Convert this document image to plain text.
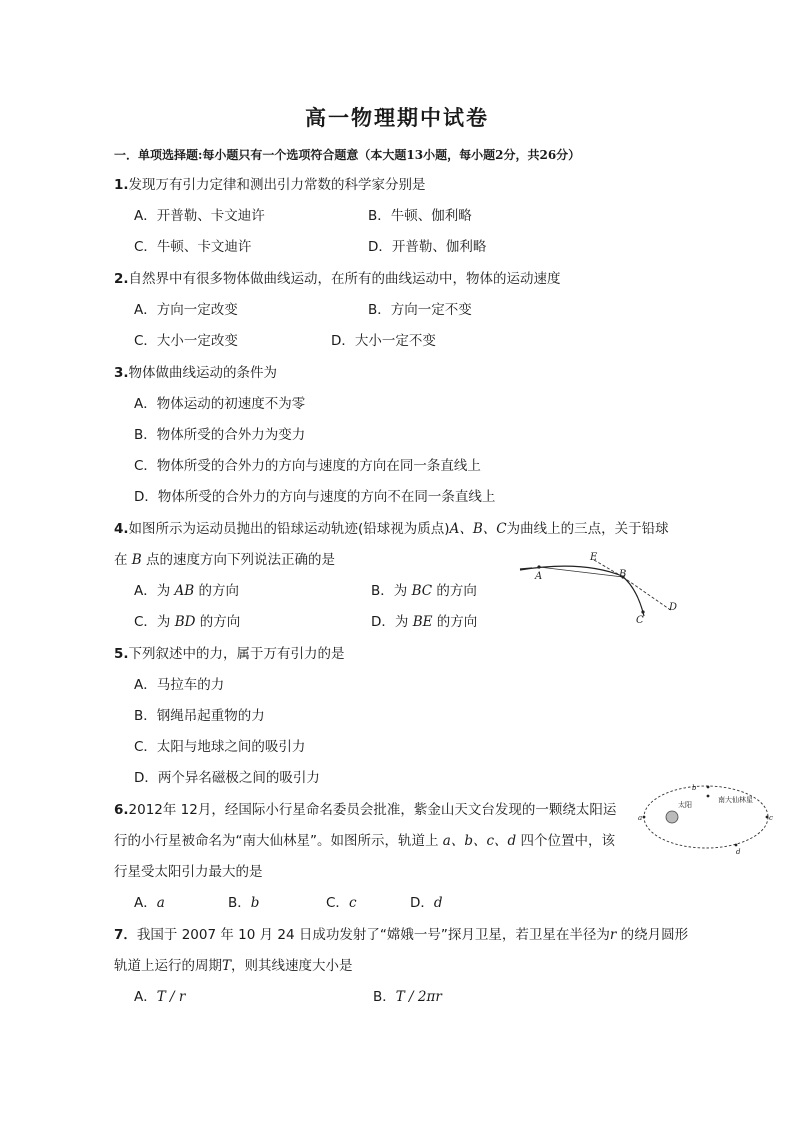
高一物理期中试卷
一．单项选择题:每小题只有一个选项符合题意（本大题13小题，每小题2分，共26分）
1.发现万有引力定律和测出引力常数的科学家分别是
A．开普勒、卡文迪许	B．牛顿、伽利略
C．牛顿、卡文迪许	D．开普勒、伽利略
2.自然界中有很多物体做曲线运动，在所有的曲线运动中，物体的运动速度
A．方向一定改变	B．方向一定不变
C．大小一定改变	D．大小一定不变
3.物体做曲线运动的条件为
A．物体运动的初速度不为零
B．物体所受的合外力为变力
C．物体所受的合外力的方向与速度的方向在同一条直线上
D．物体所受的合外力的方向与速度的方向不在同一条直线上
4.如图所示为运动员抛出的铅球运动轨迹(铅球视为质点)A、B、C为曲线上的三点，关于铅球
在 B 点的速度方向下列说法正确的是
A．为 AB 的方向	B．为 BC 的方向
C．为 BD 的方向	D．为 BE 的方向
A	B
C
D
E
5.下列叙述中的力，属于万有引力的是
A．马拉车的力
B．钢绳吊起重物的力
C．太阳与地球之间的吸引力
D．两个异名磁极之间的吸引力
6.2012年 12月，经国际小行星命名委员会批准，紫金山天文台发现的一颗绕太阳运
行的小行星被命名为“南大仙林星”。如图所示，轨道上 a、b、c、d 四个位置中，该
行星受太阳引力最大的是
A．a	B．b	C．c	D．d
太阳
a
b
c
d
南大仙林星
7．我国于 2007 年 10 月 24 日成功发射了“嫦娥一号”探月卫星，若卫星在半径为r 的绕月圆形
轨道上运行的周期T，则其线速度大小是
A．T / r	B．T / 2πr
